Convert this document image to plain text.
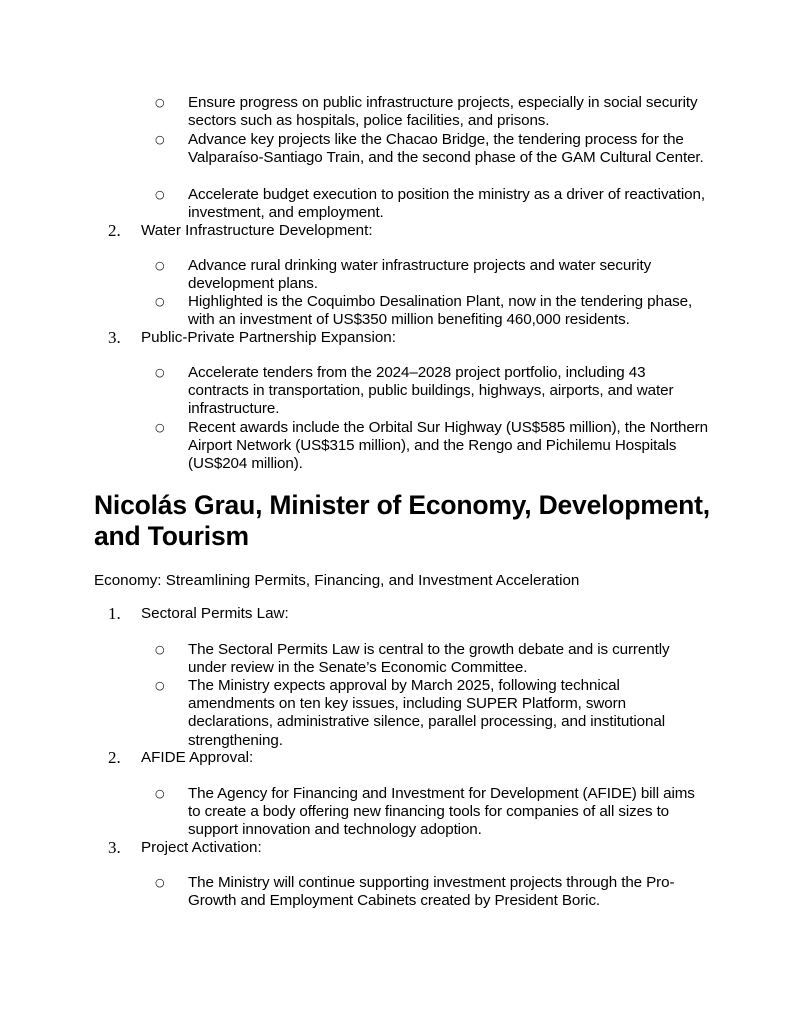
○ Ensure progress on public infrastructure projects, especially in social security sectors such as hospitals, police facilities, and prisons.
○ Advance key projects like the Chacao Bridge, the tendering process for the Valparaíso-Santiago Train, and the second phase of the GAM Cultural Center.
○ Accelerate budget execution to position the ministry as a driver of reactivation, investment, and employment.
2. Water Infrastructure Development:
○ Advance rural drinking water infrastructure projects and water security development plans.
○ Highlighted is the Coquimbo Desalination Plant, now in the tendering phase, with an investment of US$350 million benefiting 460,000 residents.
3. Public-Private Partnership Expansion:
○ Accelerate tenders from the 2024–2028 project portfolio, including 43 contracts in transportation, public buildings, highways, airports, and water infrastructure.
○ Recent awards include the Orbital Sur Highway (US$585 million), the Northern Airport Network (US$315 million), and the Rengo and Pichilemu Hospitals (US$204 million).
Nicolás Grau, Minister of Economy, Development, and Tourism
Economy: Streamlining Permits, Financing, and Investment Acceleration
1. Sectoral Permits Law:
○ The Sectoral Permits Law is central to the growth debate and is currently under review in the Senate’s Economic Committee.
○ The Ministry expects approval by March 2025, following technical amendments on ten key issues, including SUPER Platform, sworn declarations, administrative silence, parallel processing, and institutional strengthening.
2. AFIDE Approval:
○ The Agency for Financing and Investment for Development (AFIDE) bill aims to create a body offering new financing tools for companies of all sizes to support innovation and technology adoption.
3. Project Activation:
○ The Ministry will continue supporting investment projects through the Pro-Growth and Employment Cabinets created by President Boric.
